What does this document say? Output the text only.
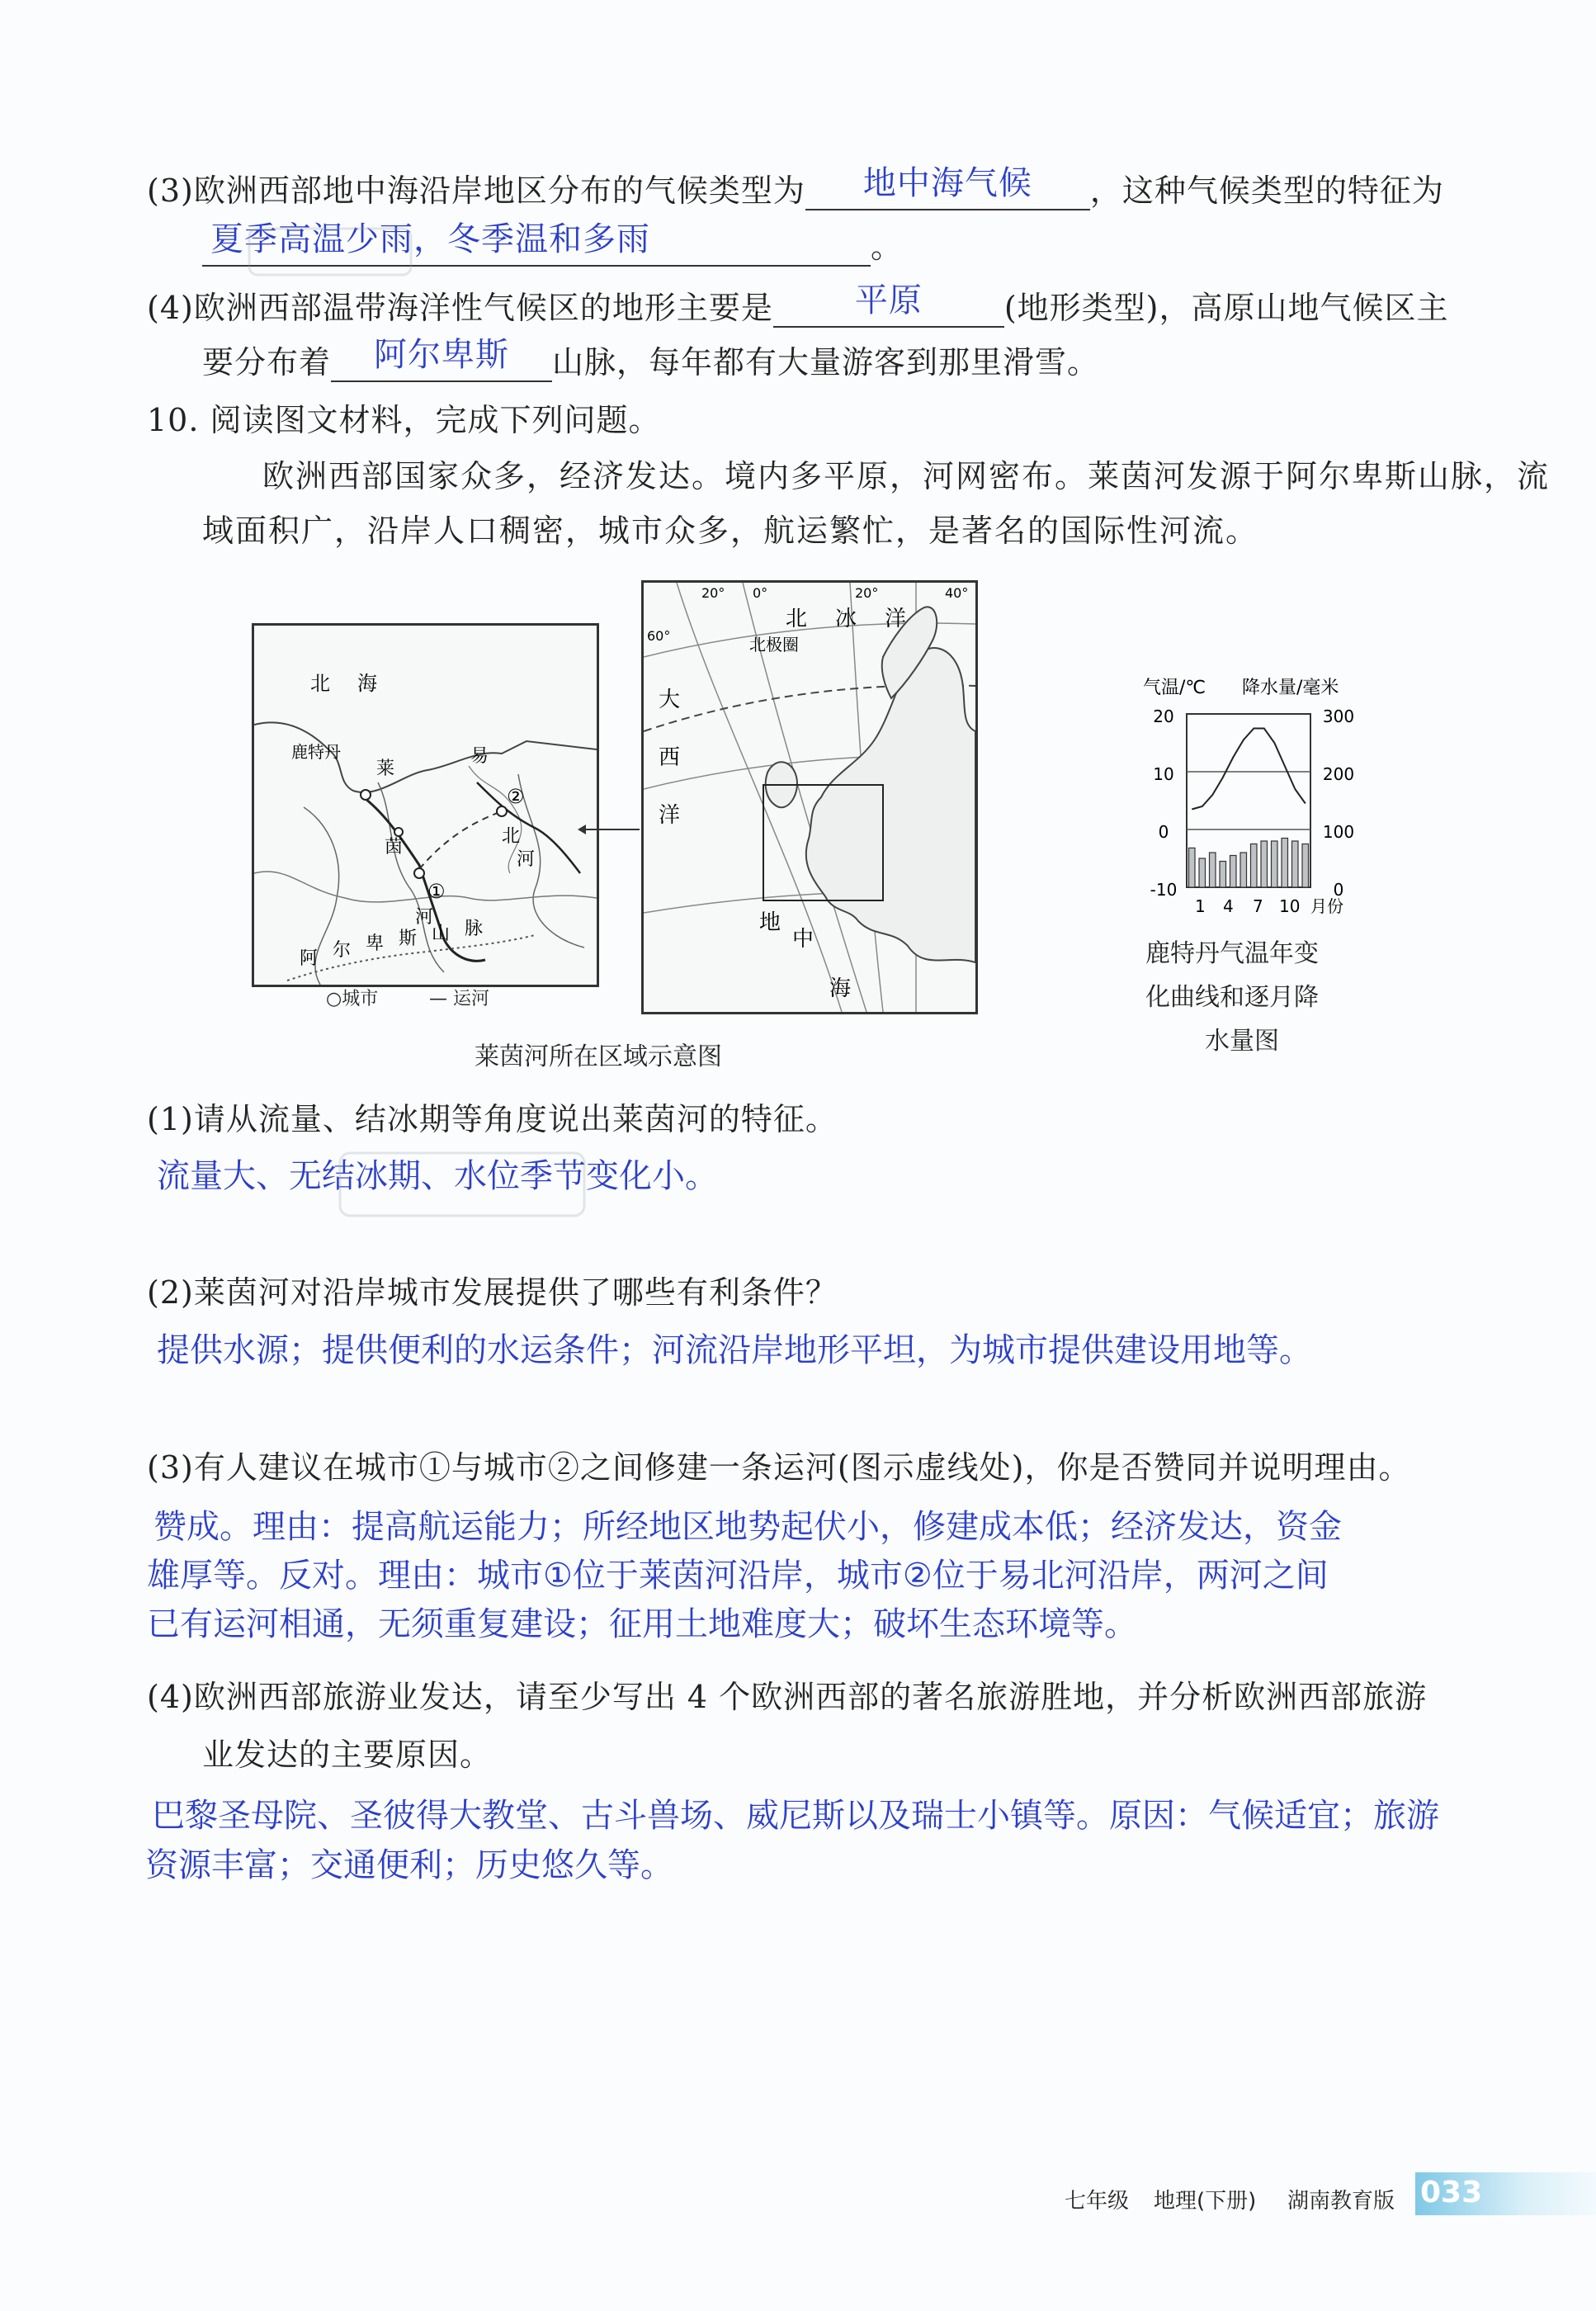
(3)欧洲西部地中海沿岸地区分布的气候类型为	地中海气候	，这种气候类型的特征为
夏季高温少雨，冬季温和多雨	。
(4)欧洲西部温带海洋性气候区的地形主要是	平原	(地形类型)，高原山地气候区主
要分布着	阿尔卑斯	山脉，每年都有大量游客到那里滑雪。
10. 阅读图文材料，完成下列问题。
欧洲西部国家众多，经济发达。境内多平原，河网密布。莱茵河发源于阿尔卑斯山脉，流
域面积广，沿岸人口稠密，城市众多，航运繁忙，是著名的国际性河流。
北 海
鹿特丹
莱
易
北
茵
河
河
阿 尔 卑 斯 山 脉
①
②
○城市	— 运河
北 冰 洋
北极圈
大
西
洋
地
中
海
60°
20° 0°	20°	40°
莱茵河所在区域示意图
气温/℃ 降水量/毫米
20
10
0
-10
300
200
100
0
1 4 7 10 月份
鹿特丹气温年变
化曲线和逐月降
水量图
(1)请从流量、结冰期等角度说出莱茵河的特征。
流量大、无结冰期、水位季节变化小。
(2)莱茵河对沿岸城市发展提供了哪些有利条件？
提供水源；提供便利的水运条件；河流沿岸地形平坦，为城市提供建设用地等。
(3)有人建议在城市①与城市②之间修建一条运河(图示虚线处)，你是否赞同并说明理由。
赞成。理由：提高航运能力；所经地区地势起伏小，修建成本低；经济发达，资金
雄厚等。反对。理由：城市①位于莱茵河沿岸，城市②位于易北河沿岸，两河之间
已有运河相通，无须重复建设；征用土地难度大；破坏生态环境等。
(4)欧洲西部旅游业发达，请至少写出 4 个欧洲西部的著名旅游胜地，并分析欧洲西部旅游
业发达的主要原因。
巴黎圣母院、圣彼得大教堂、古斗兽场、威尼斯以及瑞士小镇等。原因：气候适宜；旅游
资源丰富；交通便利；历史悠久等。
七年级 地理(下册) 湖南教育版 033
